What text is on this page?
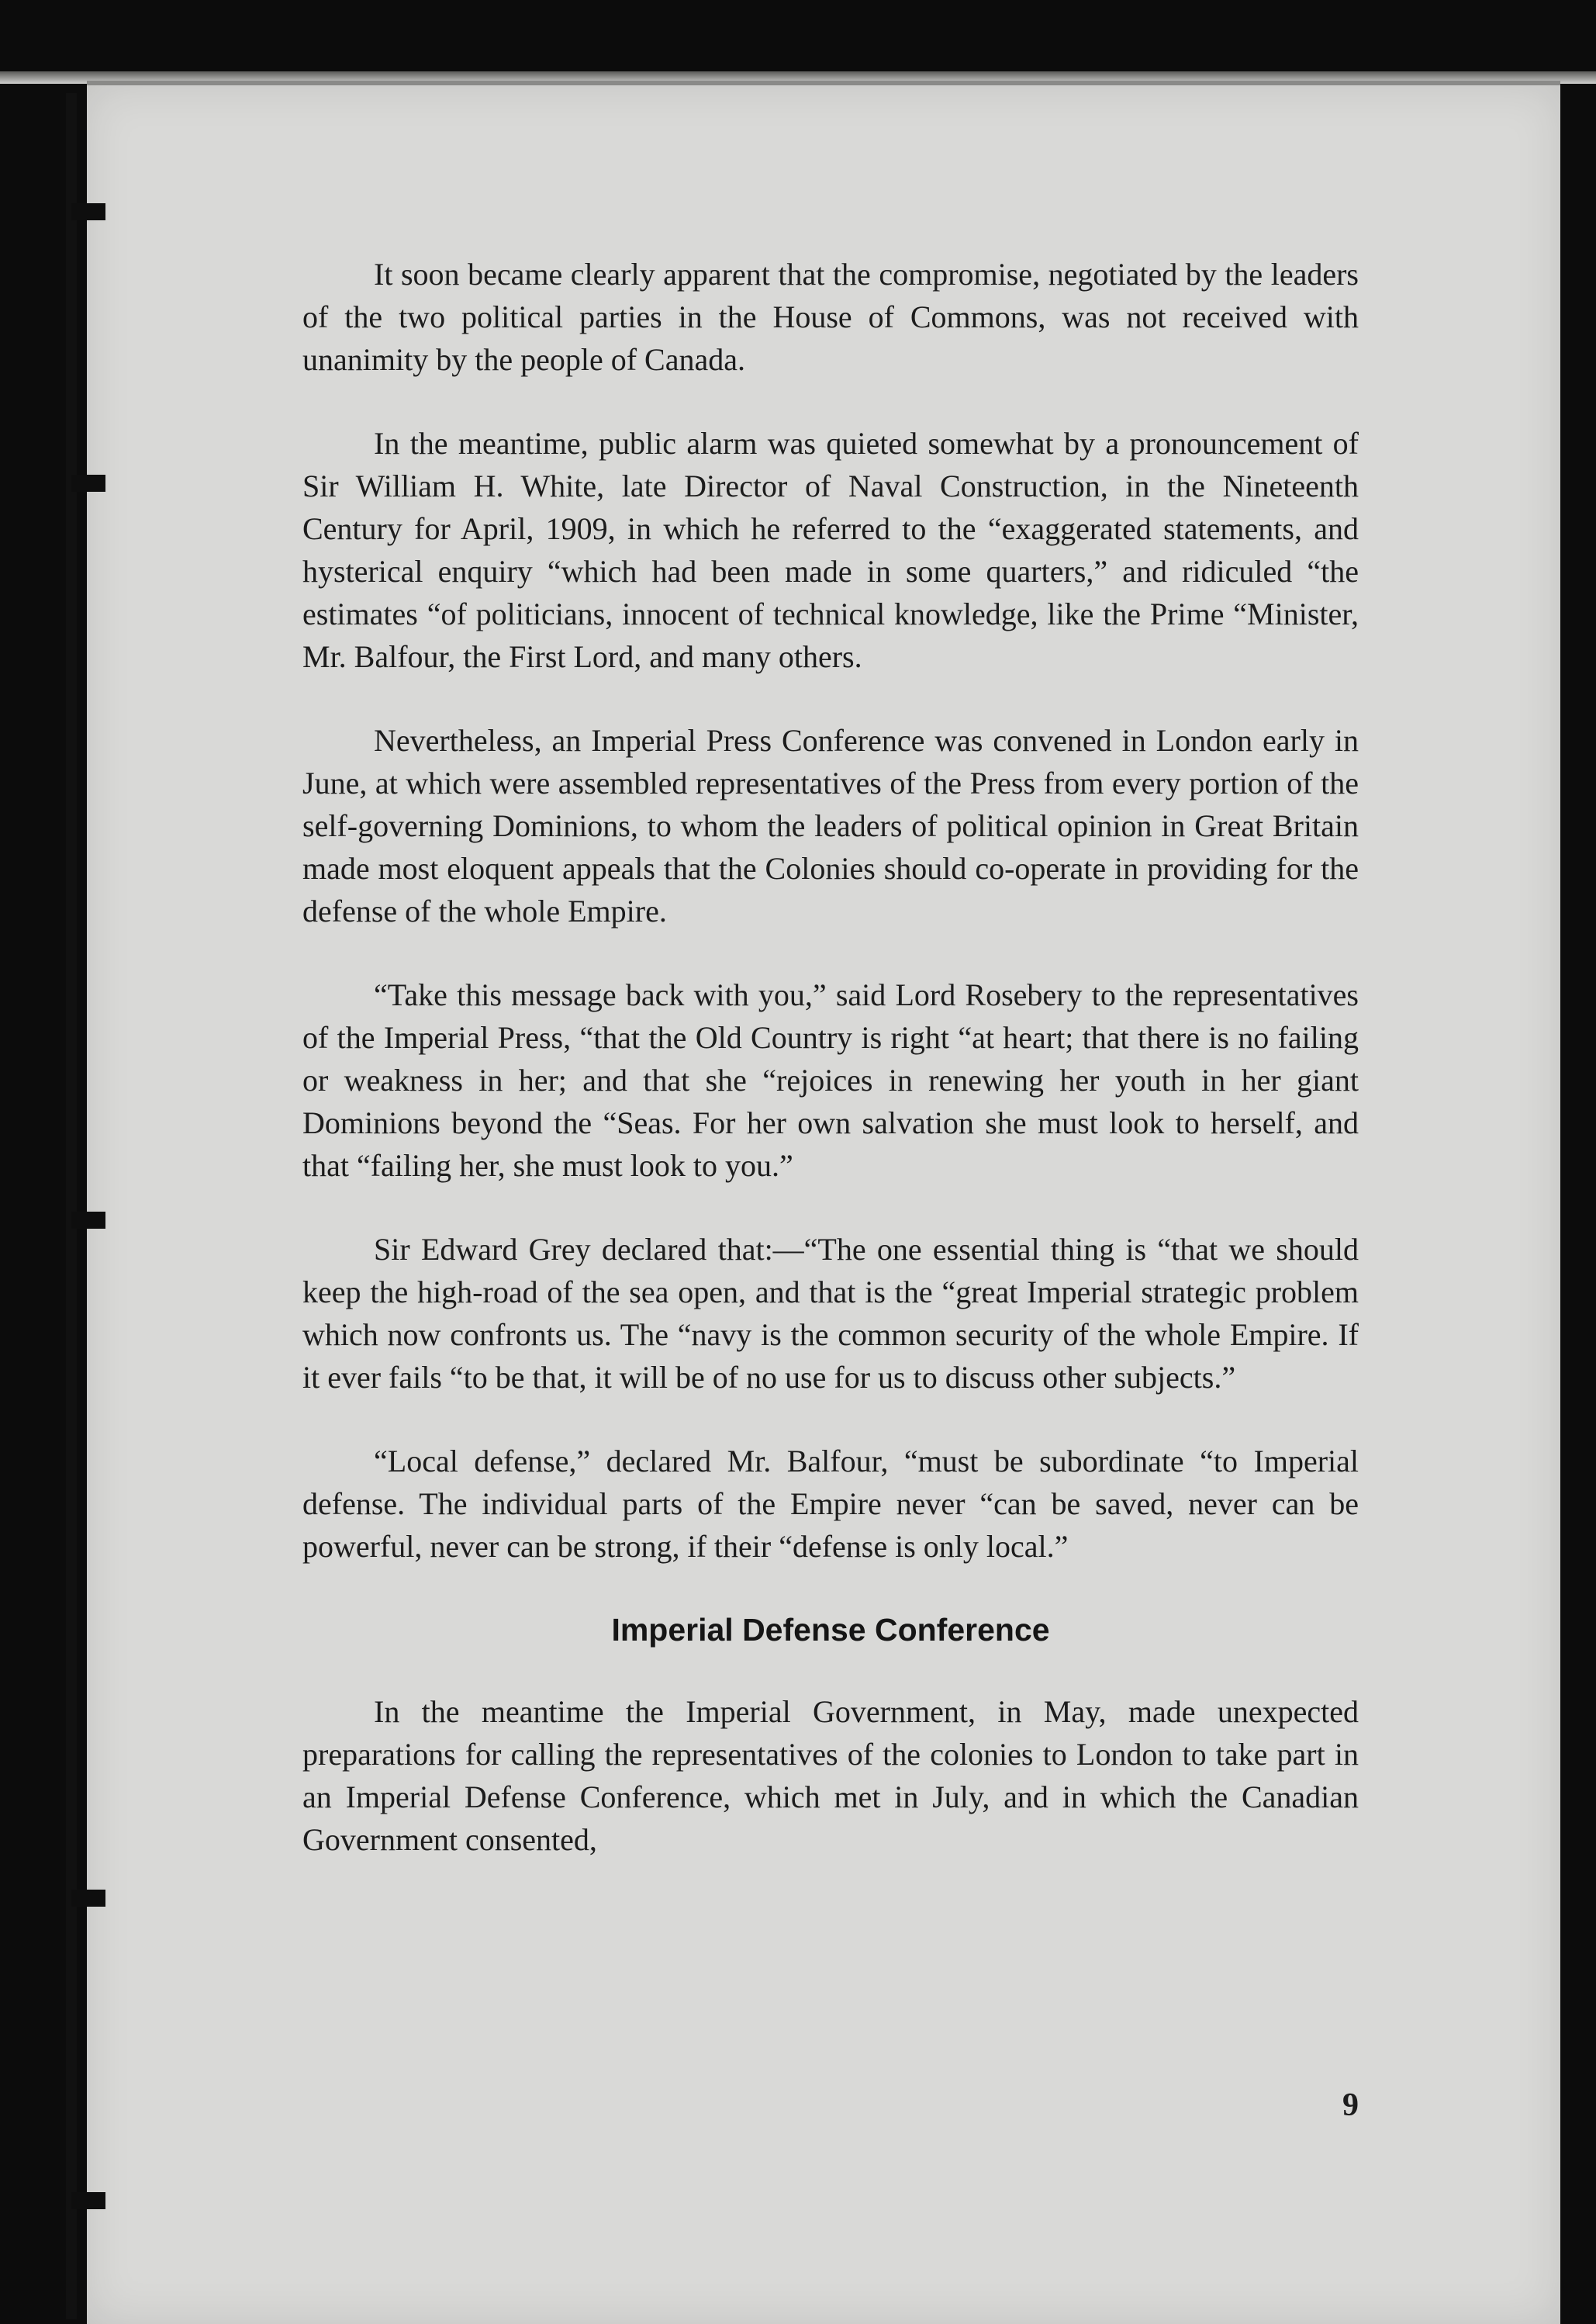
It soon became clearly apparent that the compromise, negotiated by the leaders of the two political parties in the House of Commons, was not received with unanimity by the people of Canada.

In the meantime, public alarm was quieted somewhat by a pronouncement of Sir William H. White, late Director of Naval Construction, in the Nineteenth Century for April, 1909, in which he referred to the “exaggerated statements, and hysterical enquiry “which had been made in some quarters,” and ridiculed “the estimates “of politicians, innocent of technical knowledge, like the Prime “Minister, Mr. Balfour, the First Lord, and many others.

Nevertheless, an Imperial Press Conference was convened in London early in June, at which were assembled representatives of the Press from every portion of the self-governing Dominions, to whom the leaders of political opinion in Great Britain made most eloquent appeals that the Colonies should co-operate in providing for the defense of the whole Empire.

“Take this message back with you,” said Lord Rosebery to the representatives of the Imperial Press, “that the Old Country is right “at heart; that there is no failing or weakness in her; and that she “rejoices in renewing her youth in her giant Dominions beyond the “Seas. For her own salvation she must look to herself, and that “failing her, she must look to you.”

Sir Edward Grey declared that:—“The one essential thing is “that we should keep the high-road of the sea open, and that is the “great Imperial strategic problem which now confronts us. The “navy is the common security of the whole Empire. If it ever fails “to be that, it will be of no use for us to discuss other subjects.”

“Local defense,” declared Mr. Balfour, “must be subordinate “to Imperial defense. The individual parts of the Empire never “can be saved, never can be powerful, never can be strong, if their “defense is only local.”

Imperial Defense Conference

In the meantime the Imperial Government, in May, made unexpected preparations for calling the representatives of the colonies to London to take part in an Imperial Defense Conference, which met in July, and in which the Canadian Government consented,

9
